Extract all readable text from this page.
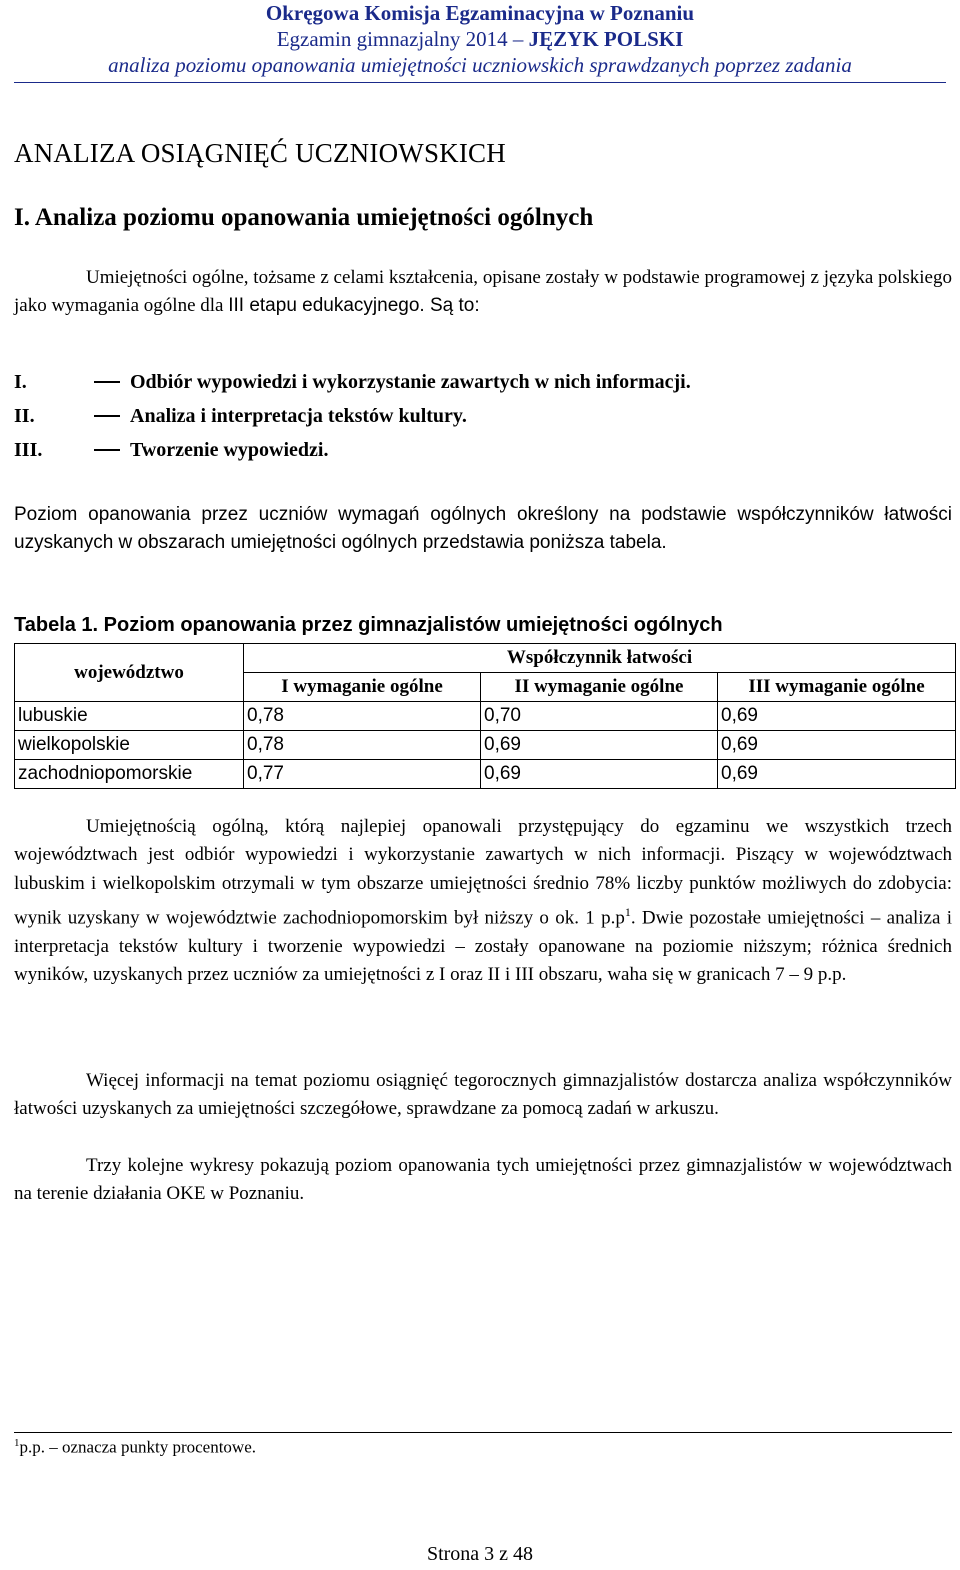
Okręgowa Komisja Egzaminacyjna w Poznaniu
Egzamin gimnazjalny 2014 – JĘZYK POLSKI
analiza poziomu opanowania umiejętności uczniowskich sprawdzanych poprzez zadania
ANALIZA OSIĄGNIĘĆ UCZNIOWSKICH
I. Analiza poziomu opanowania umiejętności ogólnych
Umiejętności ogólne, tożsame z celami kształcenia, opisane zostały w podstawie programowej z języka polskiego jako wymagania ogólne dla III etapu edukacyjnego. Są to:
I.	Odbiór wypowiedzi i wykorzystanie zawartych w nich informacji.
II.	Analiza i interpretacja tekstów kultury.
III.	Tworzenie wypowiedzi.
Poziom opanowania przez uczniów wymagań ogólnych określony na podstawie współczynników łatwości uzyskanych w obszarach umiejętności ogólnych przedstawia poniższa tabela.
Tabela 1. Poziom opanowania przez gimnazjalistów umiejętności ogólnych
województwo	Współczynnik łatwości		
	I wymaganie ogólne	II wymaganie ogólne	III wymaganie ogólne
lubuskie	0,78	0,70	0,69
wielkopolskie	0,78	0,69	0,69
zachodniopomorskie	0,77	0,69	0,69
Umiejętnością ogólną, którą najlepiej opanowali przystępujący do egzaminu we wszystkich trzech województwach jest odbiór wypowiedzi i wykorzystanie zawartych w nich informacji. Piszący w województwach lubuskim i wielkopolskim otrzymali w tym obszarze umiejętności średnio 78% liczby punktów możliwych do zdobycia: wynik uzyskany w województwie zachodniopomorskim był niższy o ok. 1 p.p$^1$. Dwie pozostałe umiejętności – analiza i interpretacja tekstów kultury i tworzenie wypowiedzi – zostały opanowane na poziomie niższym; różnica średnich wyników, uzyskanych przez uczniów za umiejętności z I oraz II i III obszaru, waha się w granicach 7 – 9 p.p.
Więcej informacji na temat poziomu osiągnięć tegorocznych gimnazjalistów dostarcza analiza współczynników łatwości uzyskanych za umiejętności szczegółowe, sprawdzane za pomocą zadań w arkuszu.
Trzy kolejne wykresy pokazują poziom opanowania tych umiejętności przez gimnazjalistów w województwach na terenie działania OKE w Poznaniu.
$^1$p.p. – oznacza punkty procentowe.
Strona 3 z 48
